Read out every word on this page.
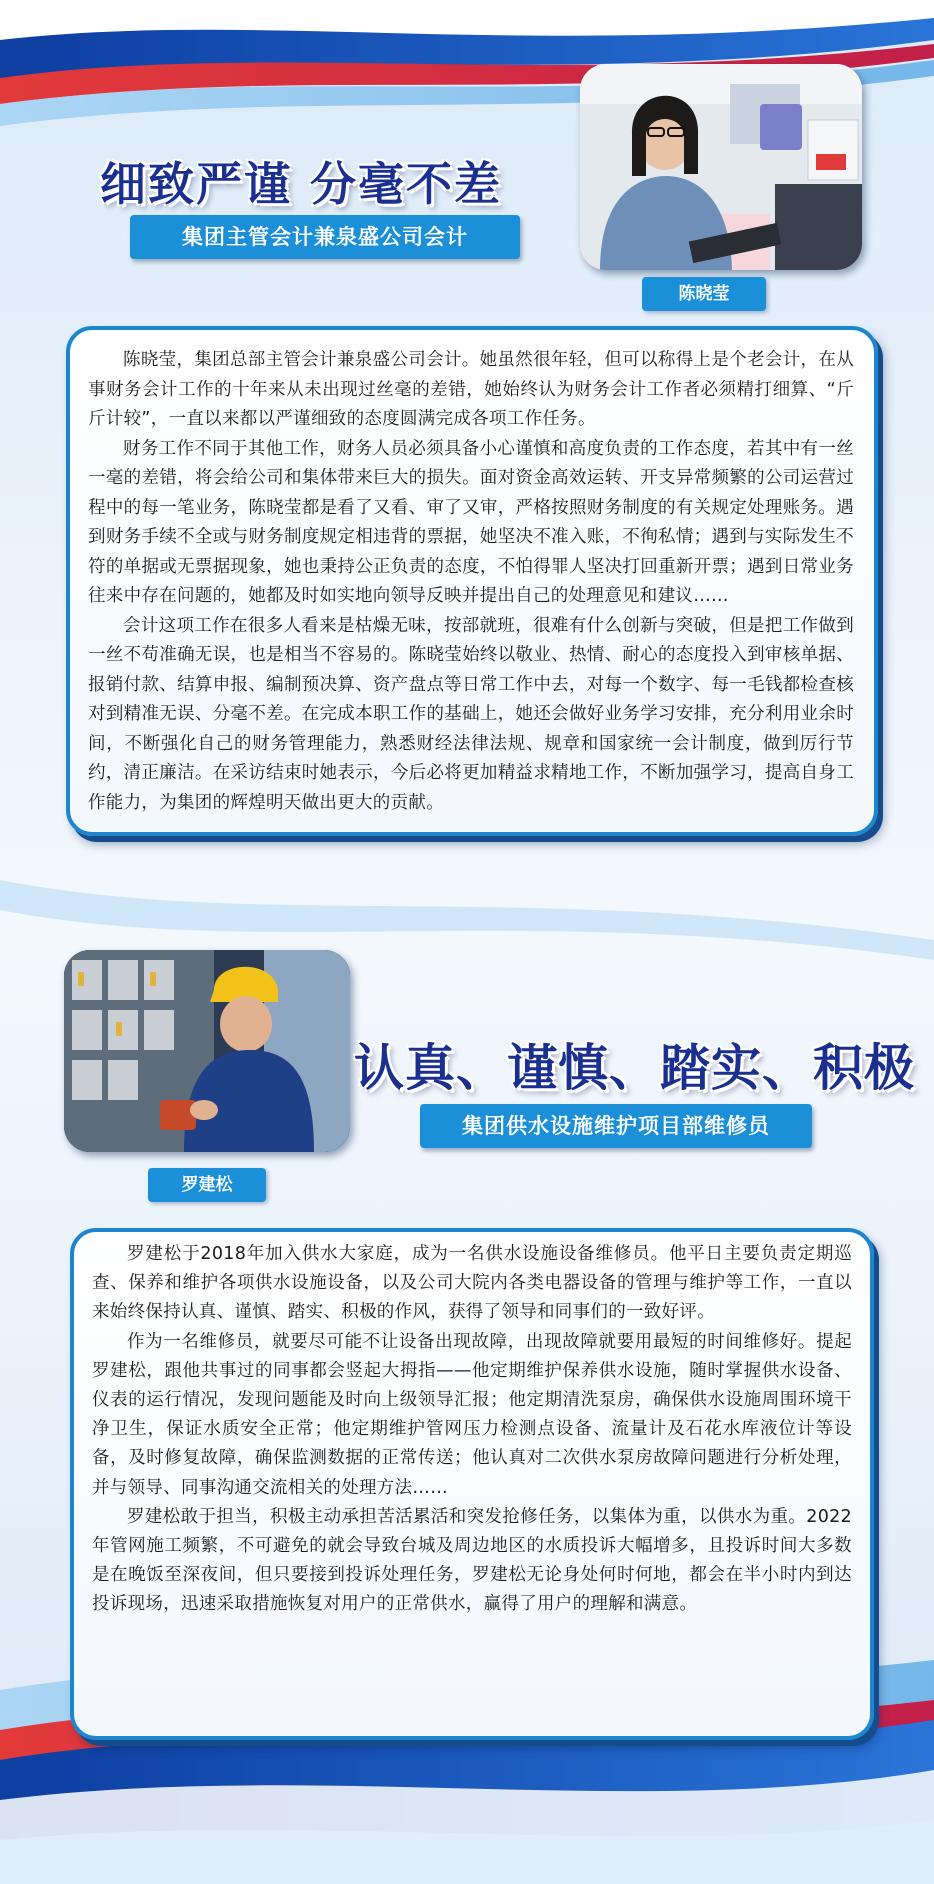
细致严谨 分毫不差
集团主管会计兼泉盛公司会计
陈晓莹

陈晓莹，集团总部主管会计兼泉盛公司会计。她虽然很年轻，但可以称得上是个老会计，在从事财务会计工作的十年来从未出现过丝毫的差错，她始终认为财务会计工作者必须精打细算、“斤斤计较”，一直以来都以严谨细致的态度圆满完成各项工作任务。

财务工作不同于其他工作，财务人员必须具备小心谨慎和高度负责的工作态度，若其中有一丝一毫的差错，将会给公司和集体带来巨大的损失。面对资金高效运转、开支异常频繁的公司运营过程中的每一笔业务，陈晓莹都是看了又看、审了又审，严格按照财务制度的有关规定处理账务。遇到财务手续不全或与财务制度规定相违背的票据，她坚决不准入账，不徇私情；遇到与实际发生不符的单据或无票据现象，她也秉持公正负责的态度，不怕得罪人坚决打回重新开票；遇到日常业务往来中存在问题的，她都及时如实地向领导反映并提出自己的处理意见和建议……

会计这项工作在很多人看来是枯燥无味，按部就班，很难有什么创新与突破，但是把工作做到一丝不苟准确无误，也是相当不容易的。陈晓莹始终以敬业、热情、耐心的态度投入到审核单据、报销付款、结算申报、编制预决算、资产盘点等日常工作中去，对每一个数字、每一毛钱都检查核对到精准无误、分毫不差。在完成本职工作的基础上，她还会做好业务学习安排，充分利用业余时间，不断强化自己的财务管理能力，熟悉财经法律法规、规章和国家统一会计制度，做到厉行节约，清正廉洁。在采访结束时她表示，今后必将更加精益求精地工作，不断加强学习，提高自身工作能力，为集团的辉煌明天做出更大的贡献。

认真、谨慎、踏实、积极
集团供水设施维护项目部维修员
罗建松

罗建松于2018年加入供水大家庭，成为一名供水设施设备维修员。他平日主要负责定期巡查、保养和维护各项供水设施设备，以及公司大院内各类电器设备的管理与维护等工作，一直以来始终保持认真、谨慎、踏实、积极的作风，获得了领导和同事们的一致好评。

作为一名维修员，就要尽可能不让设备出现故障，出现故障就要用最短的时间维修好。提起罗建松，跟他共事过的同事都会竖起大拇指——他定期维护保养供水设施，随时掌握供水设备、仪表的运行情况，发现问题能及时向上级领导汇报；他定期清洗泵房，确保供水设施周围环境干净卫生，保证水质安全正常；他定期维护管网压力检测点设备、流量计及石花水库液位计等设备，及时修复故障，确保监测数据的正常传送；他认真对二次供水泵房故障问题进行分析处理，并与领导、同事沟通交流相关的处理方法……

罗建松敢于担当，积极主动承担苦活累活和突发抢修任务，以集体为重，以供水为重。2022年管网施工频繁，不可避免的就会导致台城及周边地区的水质投诉大幅增多，且投诉时间大多数是在晚饭至深夜间，但只要接到投诉处理任务，罗建松无论身处何时何地，都会在半小时内到达投诉现场，迅速采取措施恢复对用户的正常供水，赢得了用户的理解和满意。
